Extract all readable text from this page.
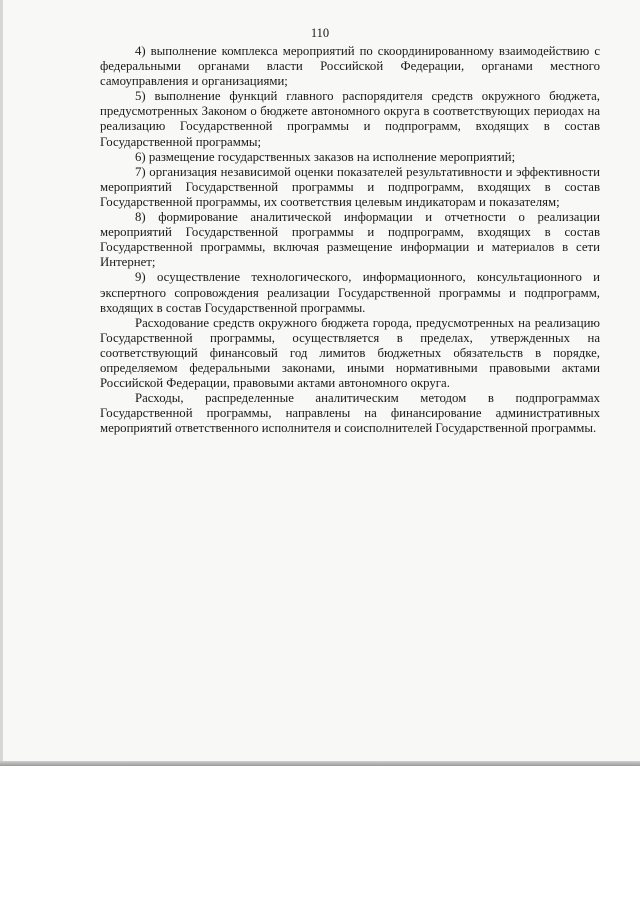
110

4) выполнение комплекса мероприятий по скоординированному взаимодействию с федеральными органами власти Российской Федерации, органами местного самоуправления и организациями;

5) выполнение функций главного распорядителя средств окружного бюджета, предусмотренных Законом о бюджете автономного округа в соответствующих периодах на реализацию Государственной программы и подпрограмм, входящих в состав Государственной программы;

6) размещение государственных заказов на исполнение мероприятий;

7) организация независимой оценки показателей результативности и эффективности мероприятий Государственной программы и подпрограмм, входящих в состав Государственной программы, их соответствия целевым индикаторам и показателям;

8) формирование аналитической информации и отчетности о реализации мероприятий Государственной программы и подпрограмм, входящих в состав Государственной программы, включая размещение информации и материалов в сети Интернет;

9) осуществление технологического, информационного, консультационного и экспертного сопровождения реализации Государственной программы и подпрограмм, входящих в состав Государственной программы.

Расходование средств окружного бюджета города, предусмотренных на реализацию Государственной программы, осуществляется в пределах, утвержденных на соответствующий финансовый год лимитов бюджетных обязательств в порядке, определяемом федеральными законами, иными нормативными правовыми актами Российской Федерации, правовыми актами автономного округа.

Расходы, распределенные аналитическим методом в подпрограммах Государственной программы, направлены на финансирование административных мероприятий ответственного исполнителя и соисполнителей Государственной программы.
